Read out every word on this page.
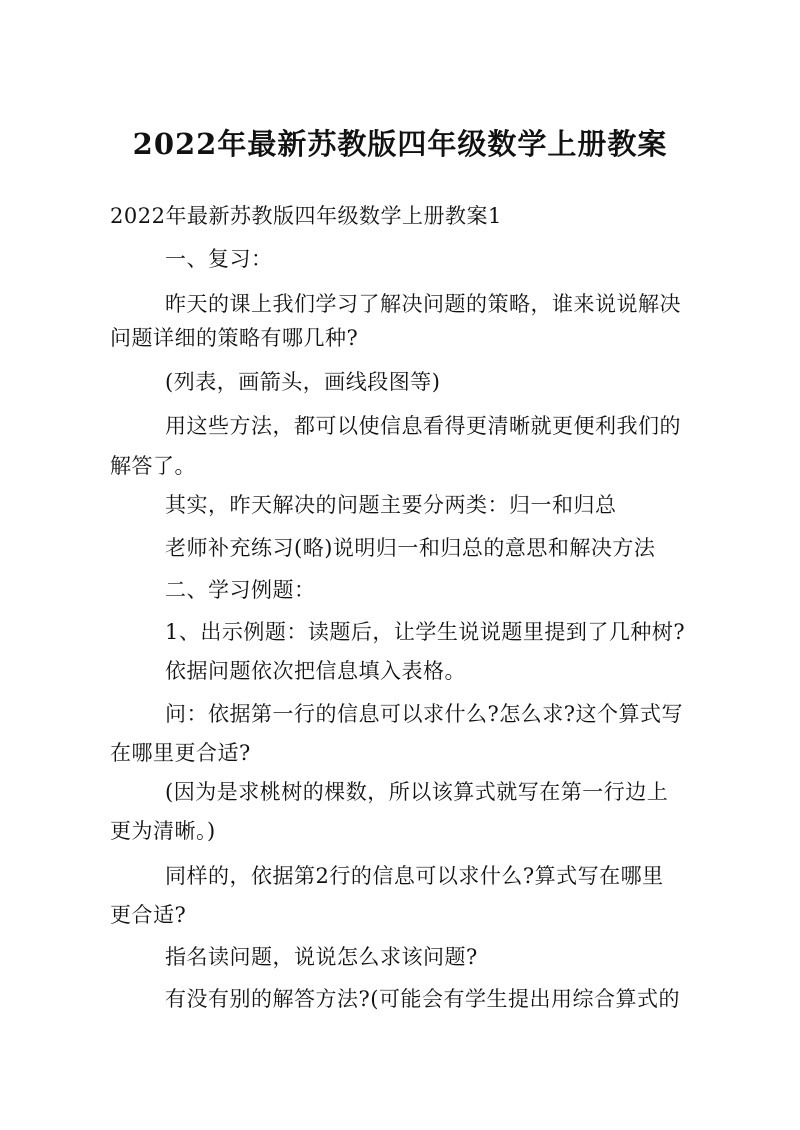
2022年最新苏教版四年级数学上册教案
2022年最新苏教版四年级数学上册教案1
一、复习：
昨天的课上我们学习了解决问题的策略，谁来说说解决
问题详细的策略有哪几种?
(列表，画箭头，画线段图等)
用这些方法，都可以使信息看得更清晰就更便利我们的
解答了。
其实，昨天解决的问题主要分两类：归一和归总
老师补充练习(略)说明归一和归总的意思和解决方法
二、学习例题：
1、出示例题：读题后，让学生说说题里提到了几种树?
依据问题依次把信息填入表格。
问：依据第一行的信息可以求什么?怎么求?这个算式写
在哪里更合适?
(因为是求桃树的棵数，所以该算式就写在第一行边上
更为清晰。)
同样的，依据第2行的信息可以求什么?算式写在哪里
更合适?
指名读问题，说说怎么求该问题?
有没有别的解答方法?(可能会有学生提出用综合算式的
